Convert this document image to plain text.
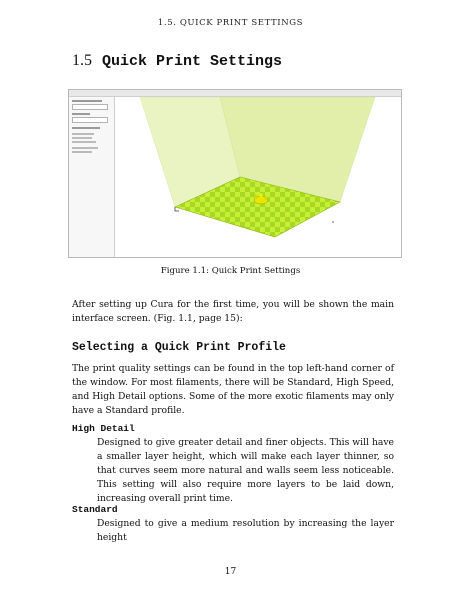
1.5. QUICK PRINT SETTINGS
1.5 Quick Print Settings
Figure 1.1: Quick Print Settings

After setting up Cura for the first time, you will be shown the main interface screen. (Fig. 1.1, page 15):

Selecting a Quick Print Profile

The print quality settings can be found in the top left-hand corner of the window. For most filaments, there will be Standard, High Speed, and High Detail options. Some of the more exotic filaments may only have a Standard profile.

High Detail

Designed to give greater detail and finer objects. This will have a smaller layer height, which will make each layer thinner, so that curves seem more natural and walls seem less noticeable. This setting will also require more layers to be laid down, increasing overall print time.

Standard

Designed to give a medium resolution by increasing the layer height

17
